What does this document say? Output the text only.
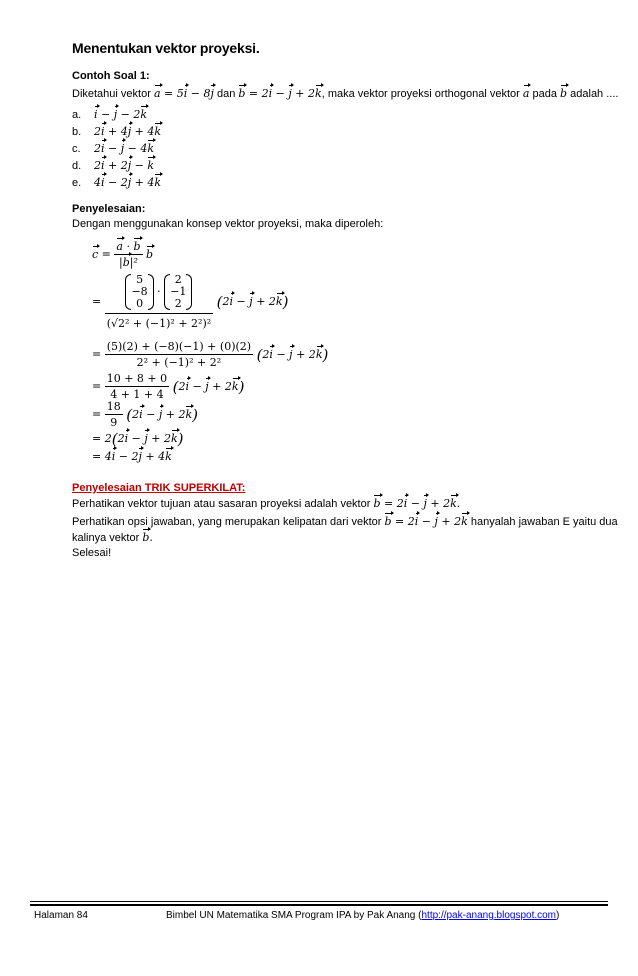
Menentukan vektor proyeksi.
Contoh Soal 1:
Diketahui vektor a = 5i − 8j dan b = 2i − j + 2k, maka vektor proyeksi orthogonal vektor a pada b adalah ....
a. i − j − 2k
b. 2i + 4j + 4k
c. 2i − j − 4k
d. 2i + 2j − k
e. 4i − 2j + 4k
Penyelesaian:
Dengan menggunakan konsep vektor proyeksi, maka diperoleh:
$c = \frac{a \cdot b}{\text{|b|²}}$ b
= 5
−8
0
·
2
−1
2
(√2² + (−1)² + 2²)² (2i − j + 2k)
= $\frac{(5)(2) + (-8)(-1) + (0)(2)}{\text{2² + (−1)² + 2²}} (2i - j + 2k)$
= $\frac{10 + 8 + 0}{4 + 1 + 4} (2i - j + 2k)$
= $\frac{18}{9} (2i - j + 2k)$
= 2(2i − j + 2k)
= 4i − 2j + 4k
Penyelesaian TRIK SUPERKILAT:
Perhatikan vektor tujuan atau sasaran proyeksi adalah vektor b = 2i − j + 2k.
Perhatikan opsi jawaban, yang merupakan kelipatan dari vektor b = 2i − j + 2k hanyalah jawaban E yaitu dua
kalinya vektor b.
Selesai!
Halaman 84	Bimbel UN Matematika SMA Program IPA by Pak Anang (http://pak-anang.blogspot.com)
